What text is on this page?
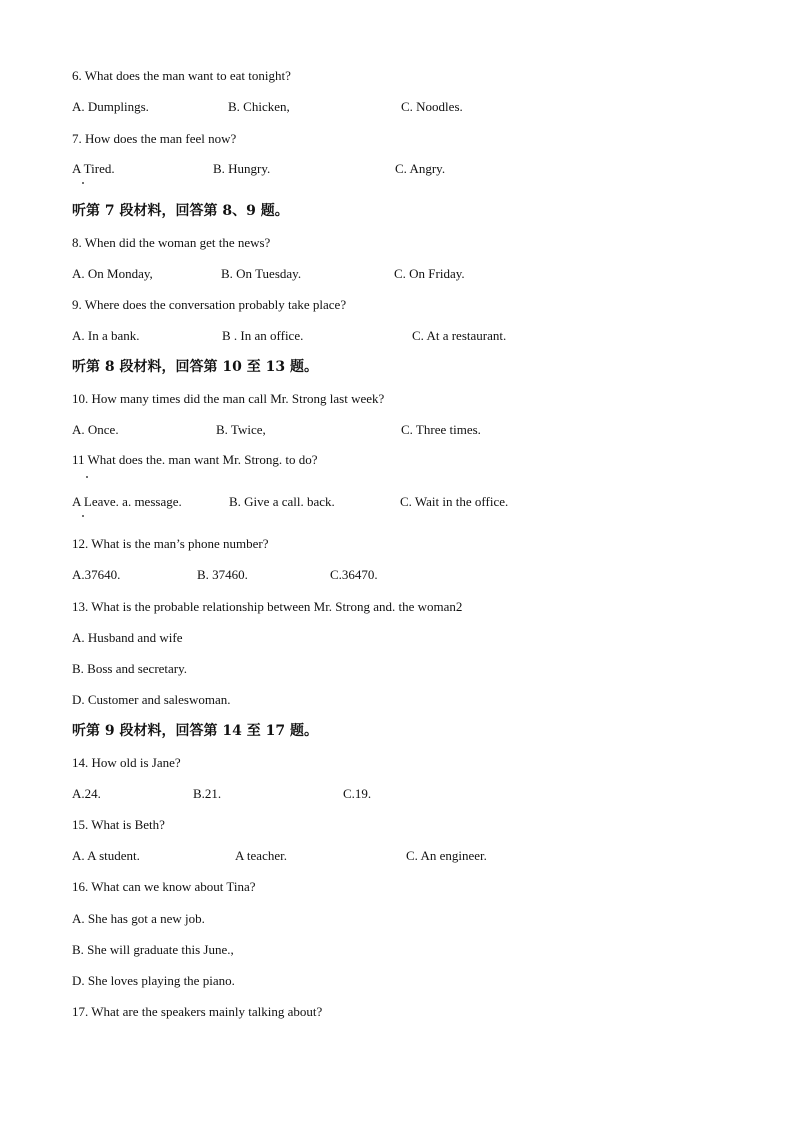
6. What does the man want to eat tonight?
A. Dumplings.	B. Chicken,	C. Noodles.
7. How does the man feel now?
A Tired.	B. Hungry.	C. Angry.
听第 7 段材料，回答第 8、9 题。
8. When did the woman get the news?
A. On Monday,	B. On Tuesday.	C. On Friday.
9. Where does the conversation probably take place?
A. In a bank.	B . In an office.	C. At a restaurant.
听第 8 段材料，回答第 10 至 13 题。
10. How many times did the man call Mr. Strong last week?
A. Once.	B. Twice,	C. Three times.
11 What does the. man want Mr. Strong. to do?
A Leave. a. message.	B. Give a call. back.	C. Wait in the office.
12. What is the man’s phone number?
A.37640.	B. 37460.	C.36470.
13. What is the probable relationship between Mr. Strong and. the woman2
A. Husband and wife
B. Boss and secretary.
D. Customer and saleswoman.
听第 9 段材料，回答第 14 至 17 题。
14. How old is Jane?
A.24.	B.21.	C.19.
15. What is Beth?
A. A student.	A teacher.	C. An engineer.
16. What can we know about Tina?
A. She has got a new job.
B. She will graduate this June.,
D. She loves playing the piano.
17. What are the speakers mainly talking about?
